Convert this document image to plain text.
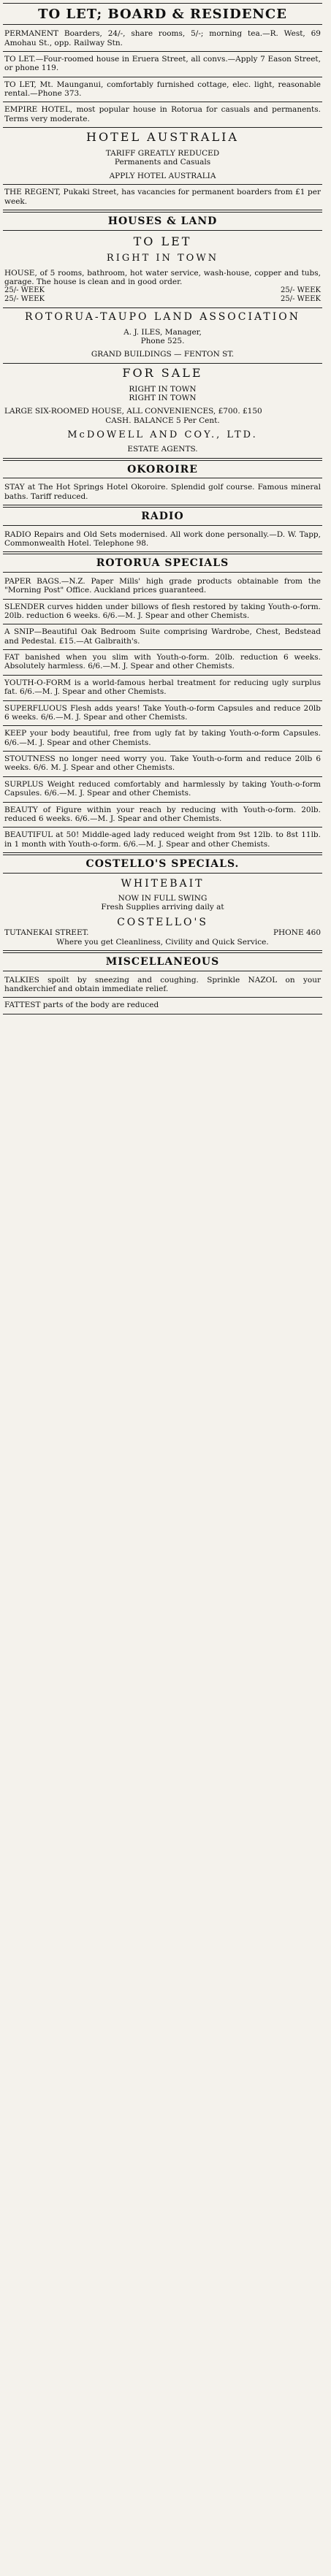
TO LET; BOARD & RESIDENCE

PERMANENT Boarders, 24/-, share rooms, 5/-; morning tea.—R. West, 69 Amohau St., opp. Railway Stn.

TO LET.—Four-roomed house in Eruera Street, all convs.—Apply 7 Eason Street, or phone 119.

TO LET, Mt. Maunganui, comfortably furnished cottage, elec. light, reasonable rental.—Phone 373.

EMPIRE HOTEL, most popular house in Rotorua for casuals and permanents. Terms very moderate.

HOTEL AUSTRALIA
TARIFF GREATLY REDUCED
Permanents and Casuals
APPLY HOTEL AUSTRALIA

THE REGENT, Pukaki Street, has vacancies for permanent boarders from £1 per week.

HOUSES & LAND
TO LET
RIGHT IN TOWN

HOUSE, of 5 rooms, bathroom, hot water service, wash-house, copper and tubs, garage. The house is clean and in good order.

25/- WEEK	25/- WEEK
25/- WEEK	25/- WEEK
ROTORUA-TAUPO LAND ASSOCIATION
A. J. ILES, Manager,
Phone 525.
GRAND BUILDINGS — FENTON ST.
FOR SALE
RIGHT IN TOWN
RIGHT IN TOWN
LARGE SIX-ROOMED HOUSE, ALL CONVENIENCES, £700. £150
CASH. BALANCE 5 Per Cent.
McDOWELL AND COY., LTD.
ESTATE AGENTS.
OKOROIRE

STAY at The Hot Springs Hotel Okoroire. Splendid golf course. Famous mineral baths. Tariff reduced.

RADIO

RADIO Repairs and Old Sets modernised. All work done personally.—D. W. Tapp, Commonwealth Hotel. Telephone 98.

ROTORUA SPECIALS

PAPER BAGS.—N.Z. Paper Mills' high grade products obtainable from the "Morning Post" Office. Auckland prices guaranteed.

SLENDER curves hidden under billows of flesh restored by taking Youth-o-form. 20lb. reduction 6 weeks. 6/6.—M. J. Spear and other Chemists.

A SNIP—Beautiful Oak Bedroom Suite comprising Wardrobe, Chest, Bedstead and Pedestal. £15.—At Galbraith's.

FAT banished when you slim with Youth-o-form. 20lb. reduction 6 weeks. Absolutely harmless. 6/6.—M. J. Spear and other Chemists.

YOUTH-O-FORM is a world-famous herbal treatment for reducing ugly surplus fat. 6/6.—M. J. Spear and other Chemists.

SUPERFLUOUS Flesh adds years! Take Youth-o-form Capsules and reduce 20lb 6 weeks. 6/6.—M. J. Spear and other Chemists.

KEEP your body beautiful, free from ugly fat by taking Youth-o-form Capsules. 6/6.—M. J. Spear and other Chemists.

STOUTNESS no longer need worry you. Take Youth-o-form and reduce 20lb 6 weeks. 6/6. M. J. Spear and other Chemists.

SURPLUS Weight reduced comfortably and harmlessly by taking Youth-o-form Capsules. 6/6.—M. J. Spear and other Chemists.

BEAUTY of Figure within your reach by reducing with Youth-o-form. 20lb. reduced 6 weeks. 6/6.—M. J. Spear and other Chemists.

BEAUTIFUL at 50! Middle-aged lady reduced weight from 9st 12lb. to 8st 11lb. in 1 month with Youth-o-form. 6/6.—M. J. Spear and other Chemists.

COSTELLO'S SPECIALS.
WHITEBAIT
NOW IN FULL SWING
Fresh Supplies arriving daily at
COSTELLO'S
TUTANEKAI STREET.	PHONE 460
Where you get Cleanliness, Civility and Quick Service.
MISCELLANEOUS

TALKIES spoilt by sneezing and coughing. Sprinkle NAZOL on your handkerchief and obtain immediate relief.

FATTEST parts of the body are reduced
